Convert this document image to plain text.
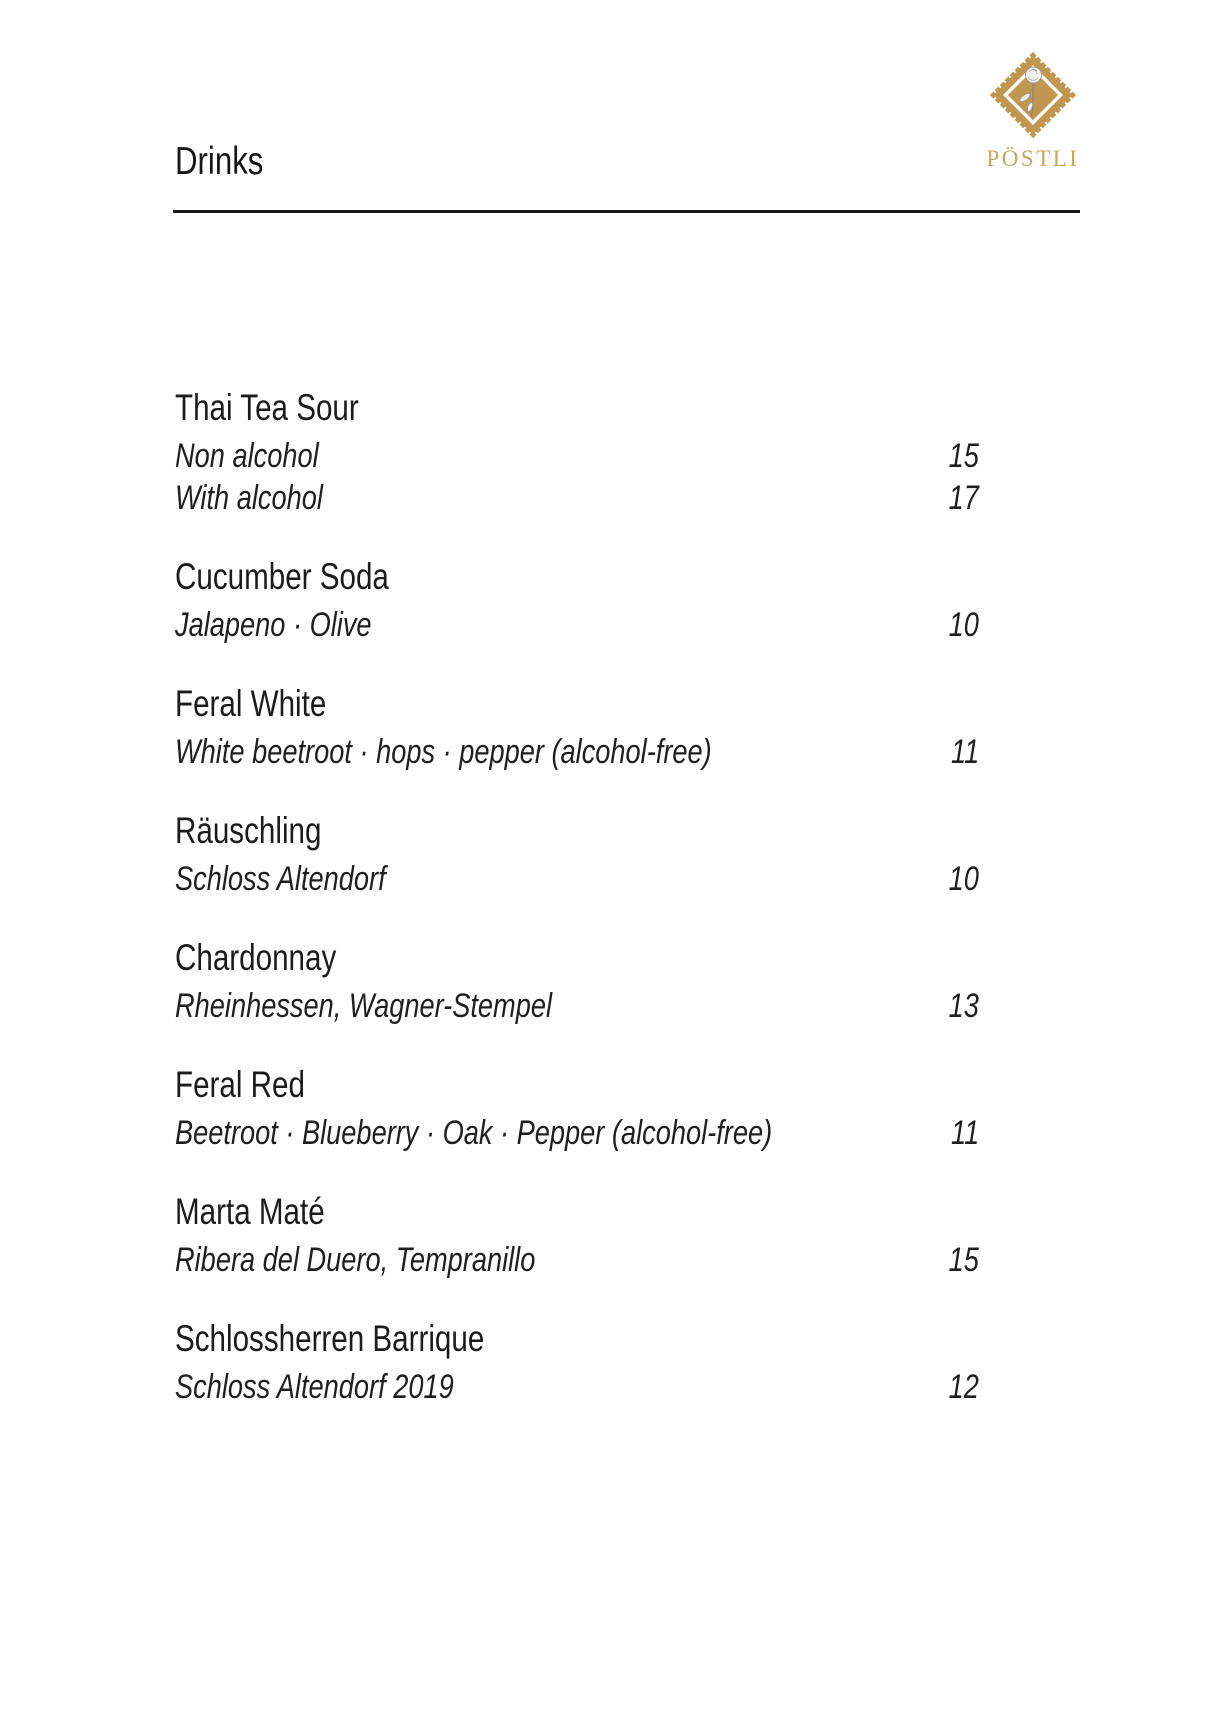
Drinks	PÖSTLI
Thai Tea Sour
Non alcohol	15
With alcohol	17
Cucumber Soda
Jalapeno · Olive	10
Feral White
White beetroot · hops · pepper (alcohol-free)	11
Räuschling
Schloss Altendorf	10
Chardonnay
Rheinhessen, Wagner-Stempel	13
Feral Red
Beetroot · Blueberry · Oak · Pepper (alcohol-free)	11
Marta Maté
Ribera del Duero, Tempranillo	15
Schlossherren Barrique
Schloss Altendorf 2019	12
